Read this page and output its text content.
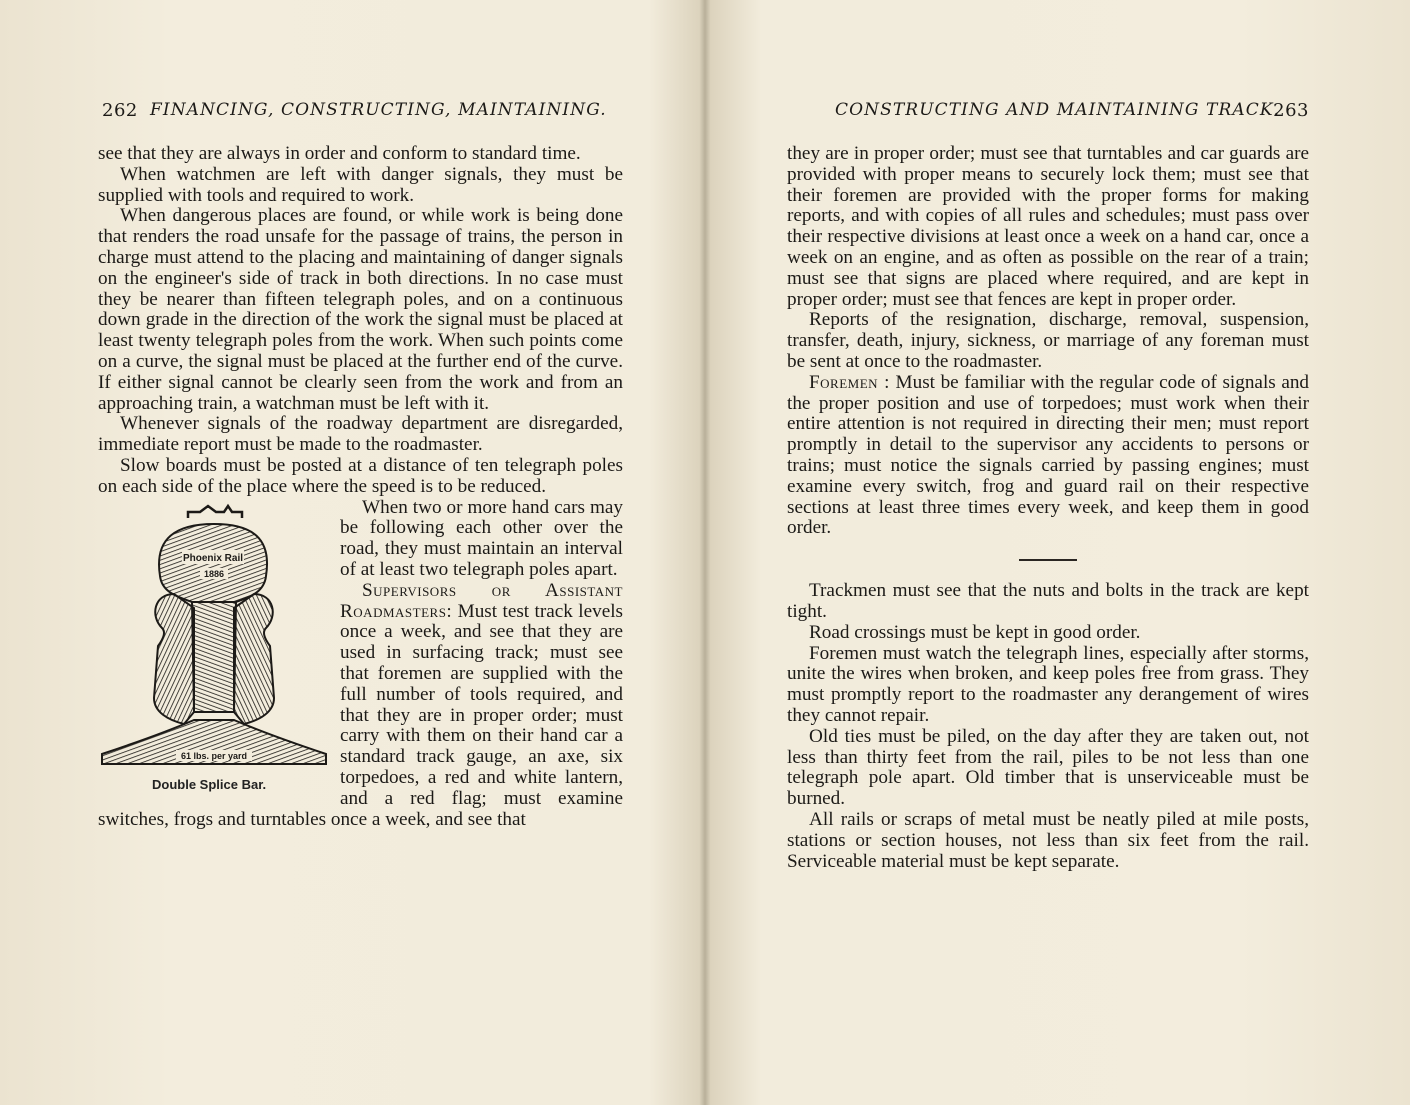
262 FINANCING, CONSTRUCTING, MAINTAINING.

see that they are always in order and conform to standard time.

When watchmen are left with danger signals, they must be supplied with tools and required to work.

When dangerous places are found, or while work is being done that renders the road unsafe for the passage of trains, the person in charge must attend to the placing and maintaining of danger signals on the engineer's side of track in both directions. In no case must they be nearer than fifteen telegraph poles, and on a continuous down grade in the direction of the work the signal must be placed at least twenty telegraph poles from the work. When such points come on a curve, the signal must be placed at the further end of the curve. If either signal cannot be clearly seen from the work and from an approaching train, a watchman must be left with it.

Whenever signals of the roadway department are disregarded, immediate report must be made to the roadmaster.

Slow boards must be posted at a distance of ten telegraph poles on each side of the place where the speed is to be reduced.

Phoenix Rail
1886
61 lbs. per yard
Double Splice Bar.

When two or more hand cars may be following each other over the road, they must maintain an interval of at least two telegraph poles apart.

Supervisors or Assistant Roadmasters: Must test track levels once a week, and see that they are used in surfacing track; must see that foremen are supplied with the full number of tools required, and that they are in proper order; must carry with them on their hand car a standard track gauge, an axe, six torpedoes, a red and white lantern, and a red flag; must examine switches, frogs and turntables once a week, and see that

CONSTRUCTING AND MAINTAINING TRACK.
263

they are in proper order; must see that turntables and car guards are provided with proper means to securely lock them; must see that their foremen are provided with the proper forms for making reports, and with copies of all rules and schedules; must pass over their respective divisions at least once a week on a hand car, once a week on an engine, and as often as possible on the rear of a train; must see that signs are placed where required, and are kept in proper order; must see that fences are kept in proper order.

Reports of the resignation, discharge, removal, suspension, transfer, death, injury, sickness, or marriage of any foreman must be sent at once to the roadmaster.

Foremen : Must be familiar with the regular code of signals and the proper position and use of torpedoes; must work when their entire attention is not required in directing their men; must report promptly in detail to the supervisor any accidents to persons or trains; must notice the signals carried by passing engines; must examine every switch, frog and guard rail on their respective sections at least three times every week, and keep them in good order.

Trackmen must see that the nuts and bolts in the track are kept tight.

Road crossings must be kept in good order.

Foremen must watch the telegraph lines, especially after storms, unite the wires when broken, and keep poles free from grass. They must promptly report to the roadmaster any derangement of wires they cannot repair.

Old ties must be piled, on the day after they are taken out, not less than thirty feet from the rail, piles to be not less than one telegraph pole apart. Old timber that is unserviceable must be burned.

All rails or scraps of metal must be neatly piled at mile posts, stations or section houses, not less than six feet from the rail. Serviceable material must be kept separate.
